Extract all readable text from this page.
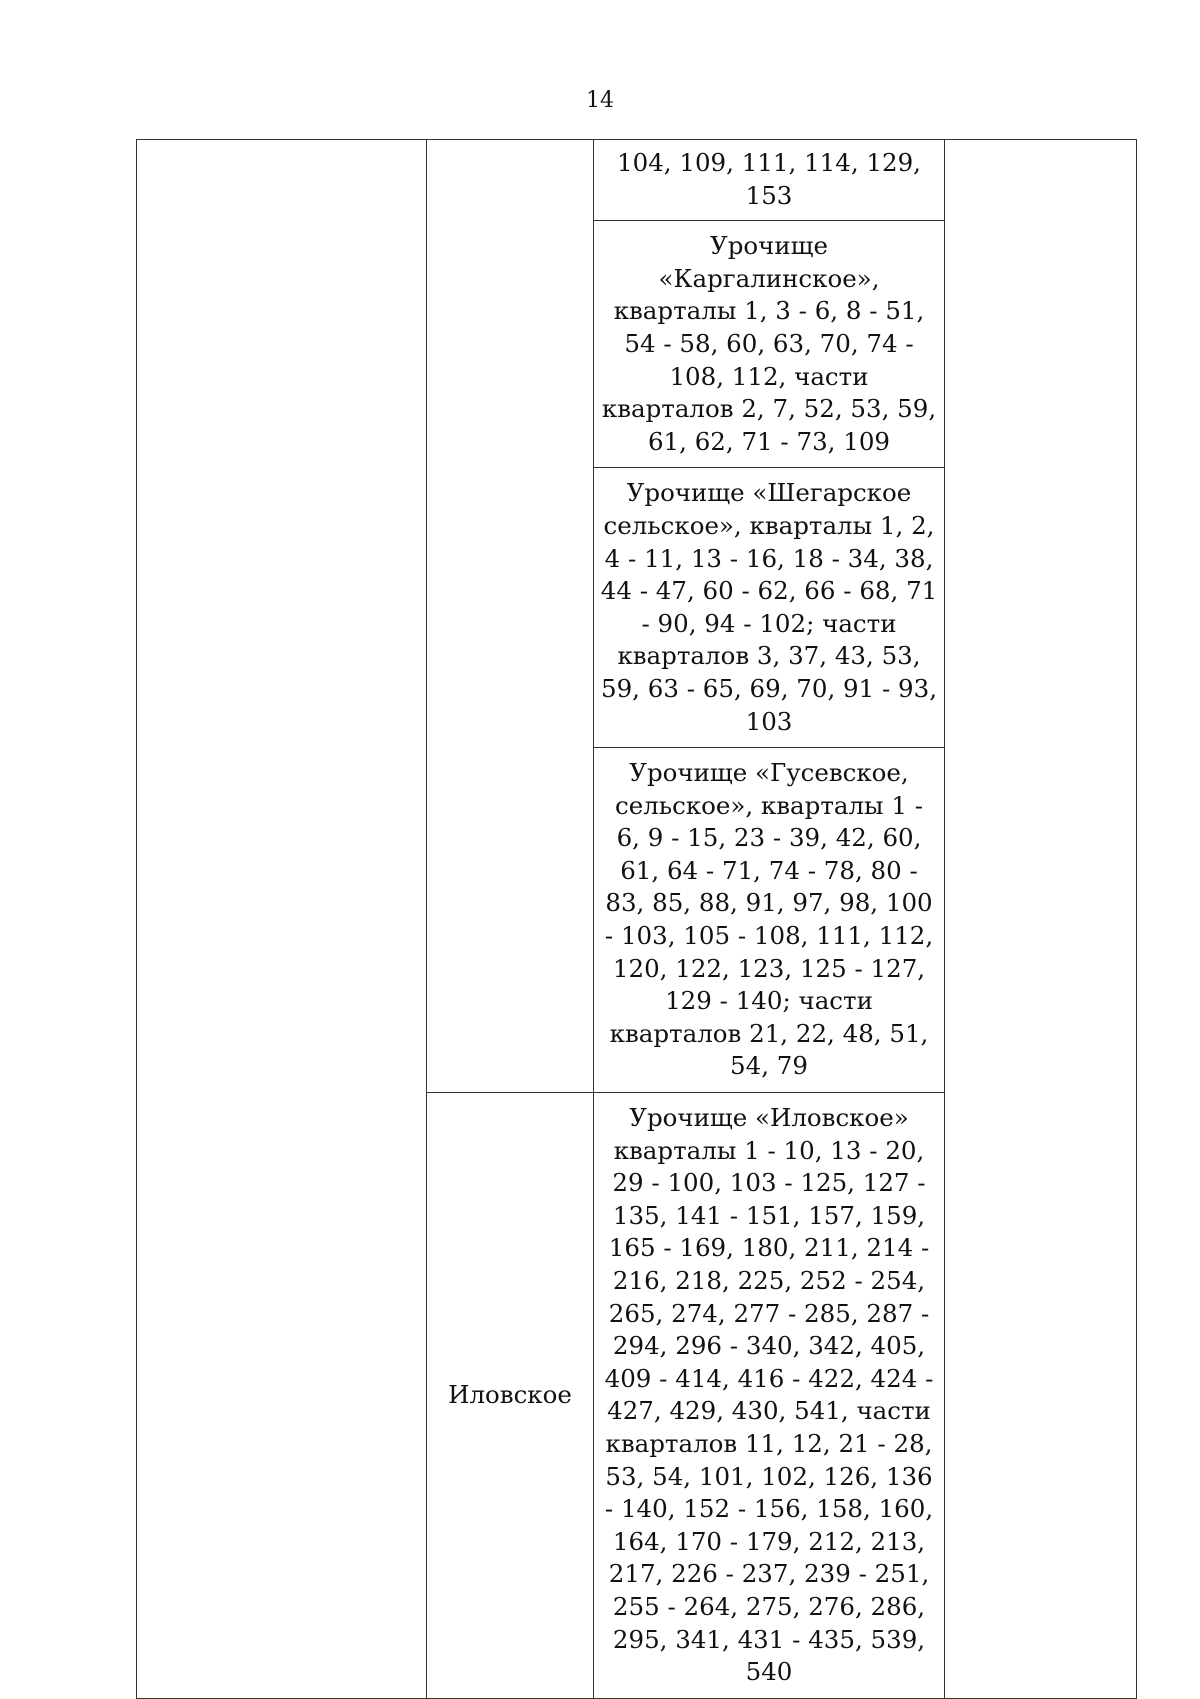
14

		104, 109, 111, 114, 129, 153	

		Урочище «Каргалинское», кварталы 1, 3 - 6, 8 - 51, 54 - 58, 60, 63, 70, 74 - 108, 112, части кварталов 2, 7, 52, 53, 59, 61, 62, 71 - 73, 109	

		Урочище «Шегарское сельское», кварталы 1, 2, 4 - 11, 13 - 16, 18 - 34, 38, 44 - 47, 60 - 62, 66 - 68, 71 - 90, 94 - 102; части кварталов 3, 37, 43, 53, 59, 63 - 65, 69, 70, 91 - 93, 103	

		Урочище «Гусевское, сельское», кварталы 1 - 6, 9 - 15, 23 - 39, 42, 60, 61, 64 - 71, 74 - 78, 80 - 83, 85, 88, 91, 97, 98, 100 - 103, 105 - 108, 111, 112, 120, 122, 123, 125 - 127, 129 - 140; части кварталов 21, 22, 48, 51, 54, 79	

	Иловское	Урочище «Иловское» кварталы 1 - 10, 13 - 20, 29 - 100, 103 - 125, 127 - 135, 141 - 151, 157, 159, 165 - 169, 180, 211, 214 - 216, 218, 225, 252 - 254, 265, 274, 277 - 285, 287 - 294, 296 - 340, 342, 405, 409 - 414, 416 - 422, 424 - 427, 429, 430, 541, части кварталов 11, 12, 21 - 28, 53, 54, 101, 102, 126, 136 - 140, 152 - 156, 158, 160, 164, 170 - 179, 212, 213, 217, 226 - 237, 239 - 251, 255 - 264, 275, 276, 286, 295, 341, 431 - 435, 539, 540	
